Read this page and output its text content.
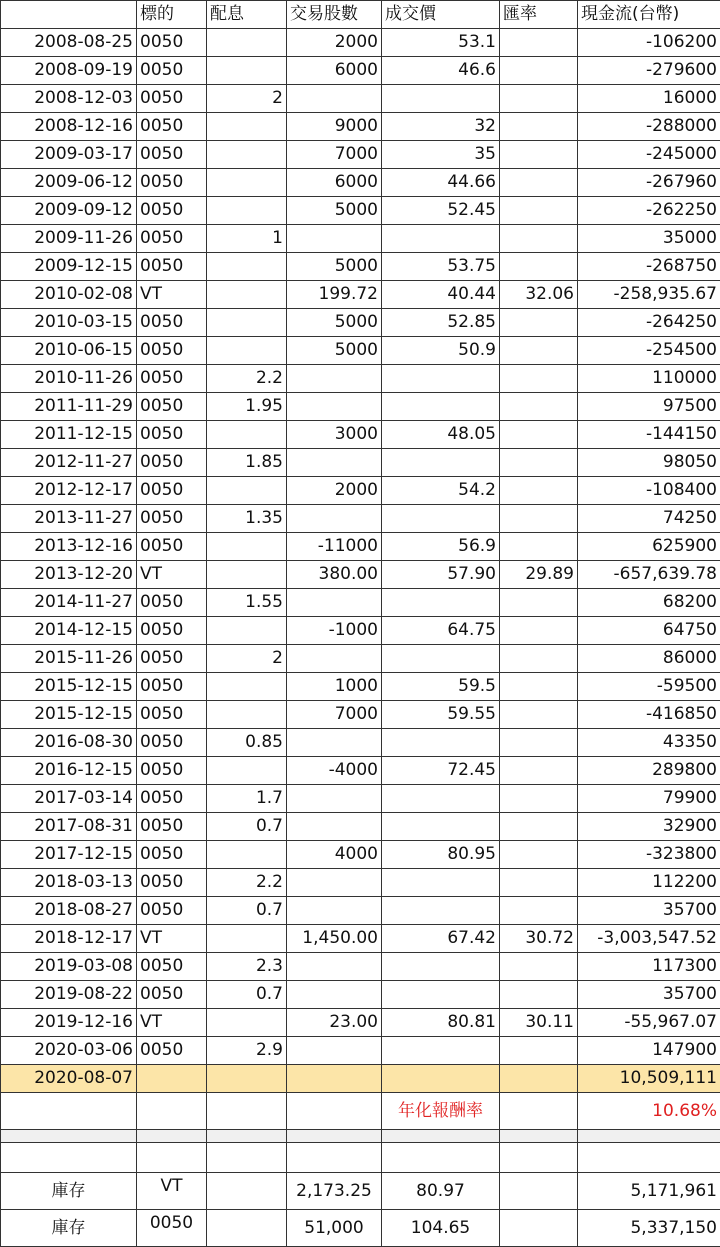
	標的	配息	交易股數	成交價	匯率	現金流(台幣)
2008-08-25	0050		2000	53.1		-106200
2008-09-19	0050		6000	46.6		-279600
2008-12-03	0050	2				16000
2008-12-16	0050		9000	32		-288000
2009-03-17	0050		7000	35		-245000
2009-06-12	0050		6000	44.66		-267960
2009-09-12	0050		5000	52.45		-262250
2009-11-26	0050	1				35000
2009-12-15	0050		5000	53.75		-268750
2010-02-08	VT		199.72	40.44	32.06	-258,935.67
2010-03-15	0050		5000	52.85		-264250
2010-06-15	0050		5000	50.9		-254500
2010-11-26	0050	2.2				110000
2011-11-29	0050	1.95				97500
2011-12-15	0050		3000	48.05		-144150
2012-11-27	0050	1.85				98050
2012-12-17	0050		2000	54.2		-108400
2013-11-27	0050	1.35				74250
2013-12-16	0050		-11000	56.9		625900
2013-12-20	VT		380.00	57.90	29.89	-657,639.78
2014-11-27	0050	1.55				68200
2014-12-15	0050		-1000	64.75		64750
2015-11-26	0050	2				86000
2015-12-15	0050		1000	59.5		-59500
2015-12-15	0050		7000	59.55		-416850
2016-08-30	0050	0.85				43350
2016-12-15	0050		-4000	72.45		289800
2017-03-14	0050	1.7				79900
2017-08-31	0050	0.7				32900
2017-12-15	0050		4000	80.95		-323800
2018-03-13	0050	2.2				112200
2018-08-27	0050	0.7				35700
2018-12-17	VT		1,450.00	67.42	30.72	-3,003,547.52
2019-03-08	0050	2.3				117300
2019-08-22	0050	0.7				35700
2019-12-16	VT		23.00	80.81	30.11	-55,967.07
2020-03-06	0050	2.9				147900
2020-08-07						10,509,111
				年化報酬率		10.68%

庫存	VT		2,173.25	80.97		5,171,961
庫存	0050		51,000	104.65		5,337,150
